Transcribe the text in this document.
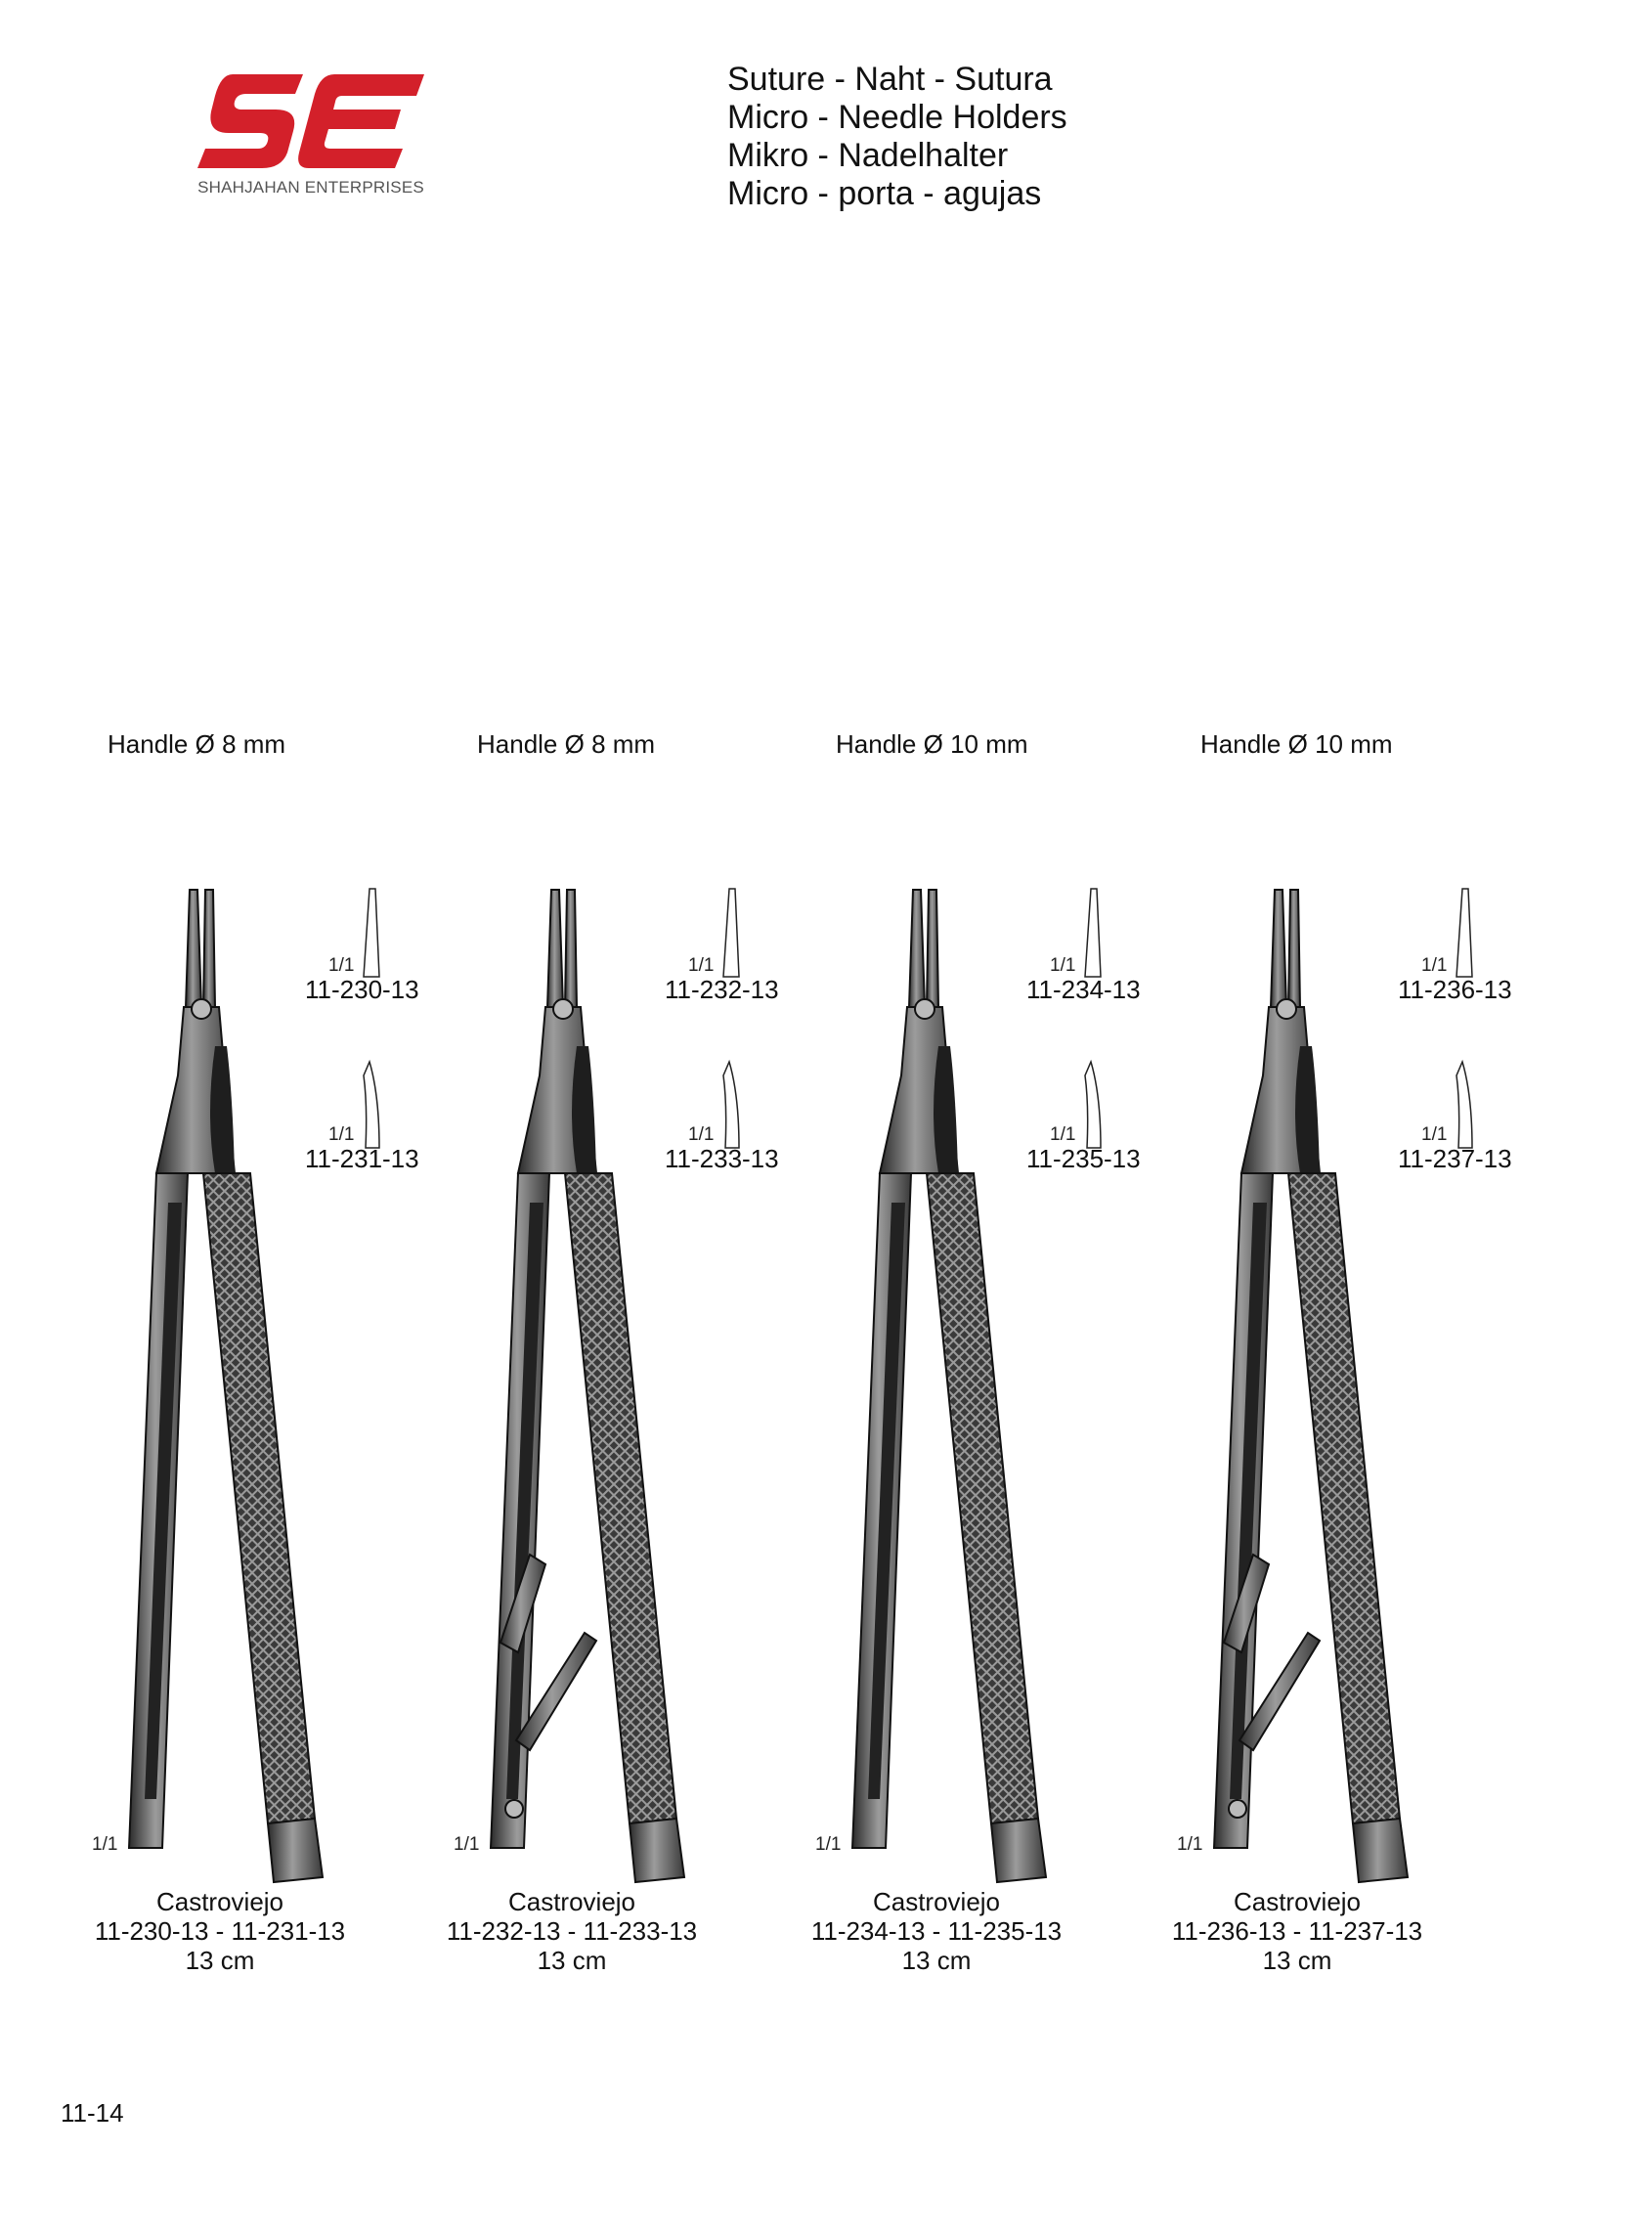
SHAHJAHAN ENTERPRISES
Suture - Naht - Sutura
Micro - Needle Holders
Mikro - Nadelhalter
Micro - porta - agujas
Handle Ø 8 mm
1/1
11-230-13
1/1
11-231-13
1/1
Castroviejo
11-230-13 - 11-231-13
13 cm
Handle Ø 8 mm
1/1
11-232-13
1/1
11-233-13
1/1
Castroviejo
11-232-13 - 11-233-13
13 cm
Handle Ø 10 mm
1/1
11-234-13
1/1
11-235-13
1/1
Castroviejo
11-234-13 - 11-235-13
13 cm
Handle Ø 10 mm
1/1
11-236-13
1/1
11-237-13
1/1
Castroviejo
11-236-13 - 11-237-13
13 cm
11-14
